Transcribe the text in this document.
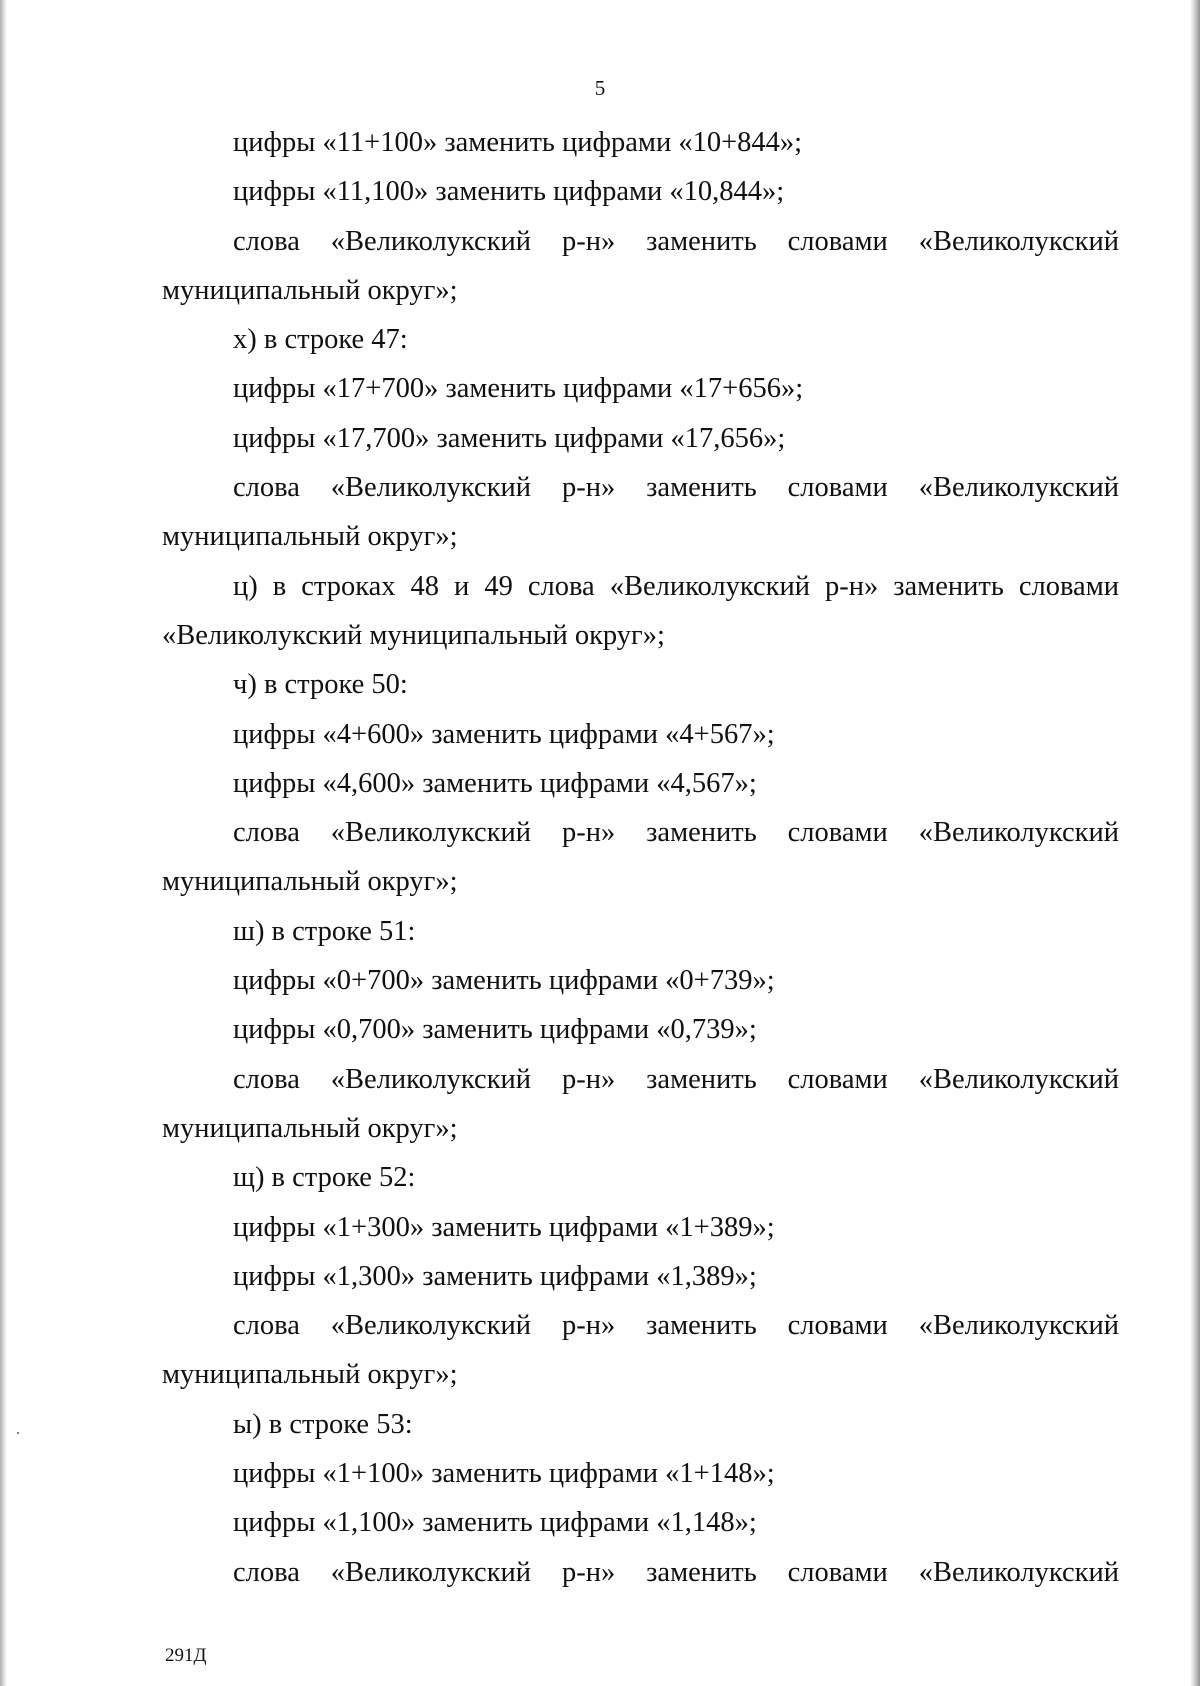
5

цифры «11+100» заменить цифрами «10+844»;

цифры «11,100» заменить цифрами «10,844»;

слова «Великолукский р-н» заменить словами «Великолукский муниципальный округ»;

х) в строке 47:

цифры «17+700» заменить цифрами «17+656»;

цифры «17,700» заменить цифрами «17,656»;

слова «Великолукский р-н» заменить словами «Великолукский муниципальный округ»;

ц) в строках 48 и 49 слова «Великолукский р-н» заменить словами «Великолукский муниципальный округ»;

ч) в строке 50:

цифры «4+600» заменить цифрами «4+567»;

цифры «4,600» заменить цифрами «4,567»;

слова «Великолукский р-н» заменить словами «Великолукский муниципальный округ»;

ш) в строке 51:

цифры «0+700» заменить цифрами «0+739»;

цифры «0,700» заменить цифрами «0,739»;

слова «Великолукский р-н» заменить словами «Великолукский муниципальный округ»;

щ) в строке 52:

цифры «1+300» заменить цифрами «1+389»;

цифры «1,300» заменить цифрами «1,389»;

слова «Великолукский р-н» заменить словами «Великолукский муниципальный округ»;

ы) в строке 53:

цифры «1+100» заменить цифрами «1+148»;

цифры «1,100» заменить цифрами «1,148»;

слова «Великолукский р-н» заменить словами «Великолукский

291Д
